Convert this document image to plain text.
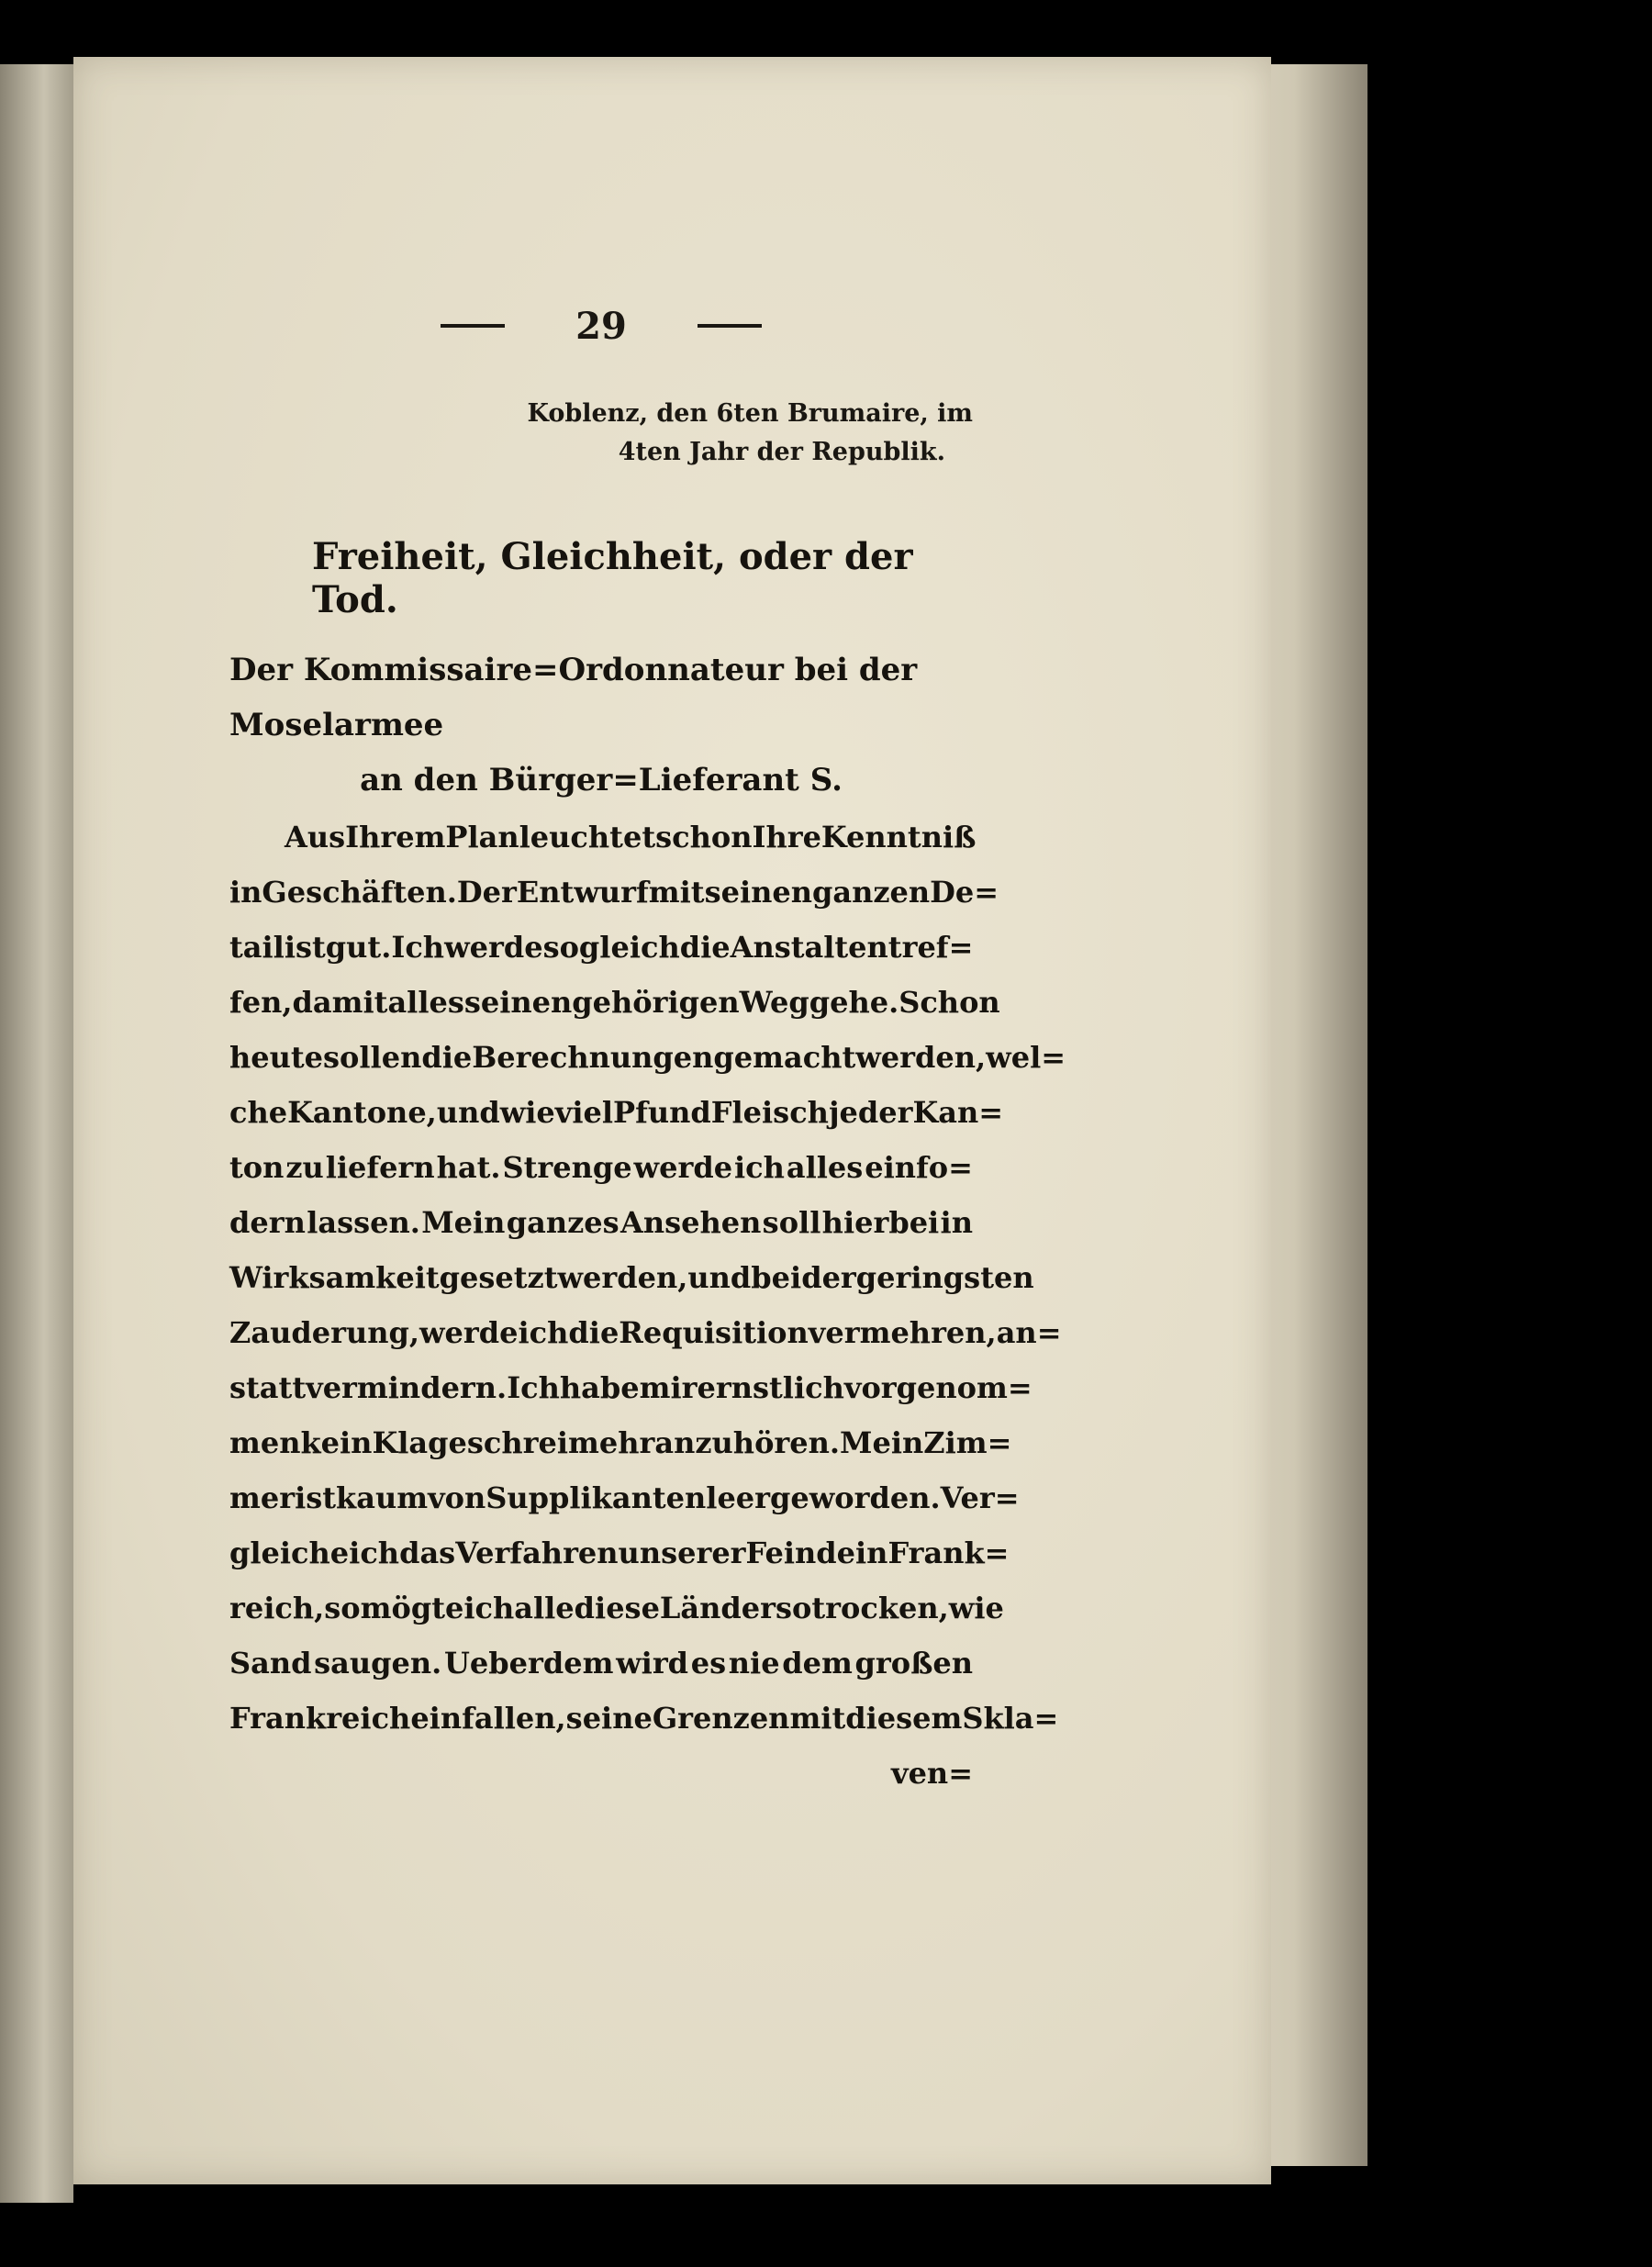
29
Koblenz, den 6ten Brumaire, im
4ten Jahr der Republik.
Freiheit, Gleichheit, oder der Tod.
Der Kommissaire=Ordonnateur bei der Moselarmee
an den Bürger=Lieferant S.
Aus Ihrem Plan leuchtet schon Ihre Kenntniß
in Geschäften. Der Entwurf mit seinen ganzen De=
tail ist gut. Ich werde sogleich die Anstalten tref=
fen, damit alles seinen gehörigen Weg gehe. Schon
heute sollen die Berechnungen gemacht werden, wel=
che Kantone, und wie viel Pfund Fleisch jeder Kan=
ton zu liefern hat. Strenge werde ich alles einfo=
dern lassen. Mein ganzes Ansehen soll hierbei in
Wirksamkeit gesetzt werden, und bei der geringsten
Zauderung, werde ich die Requisition vermehren, an=
statt vermindern. Ich habe mir ernstlich vorgenom=
men kein Klageschrei mehr anzuhören. Mein Zim=
mer ist kaum von Supplikanten leer geworden. Ver=
gleiche ich das Verfahren unserer Feinde in Frank=
reich, so mögte ich alle diese Länder so trocken, wie
Sand saugen. Ueberdem wird es nie dem großen
Frankreich einfallen, seine Grenzen mit diesem Skla=
ven=
